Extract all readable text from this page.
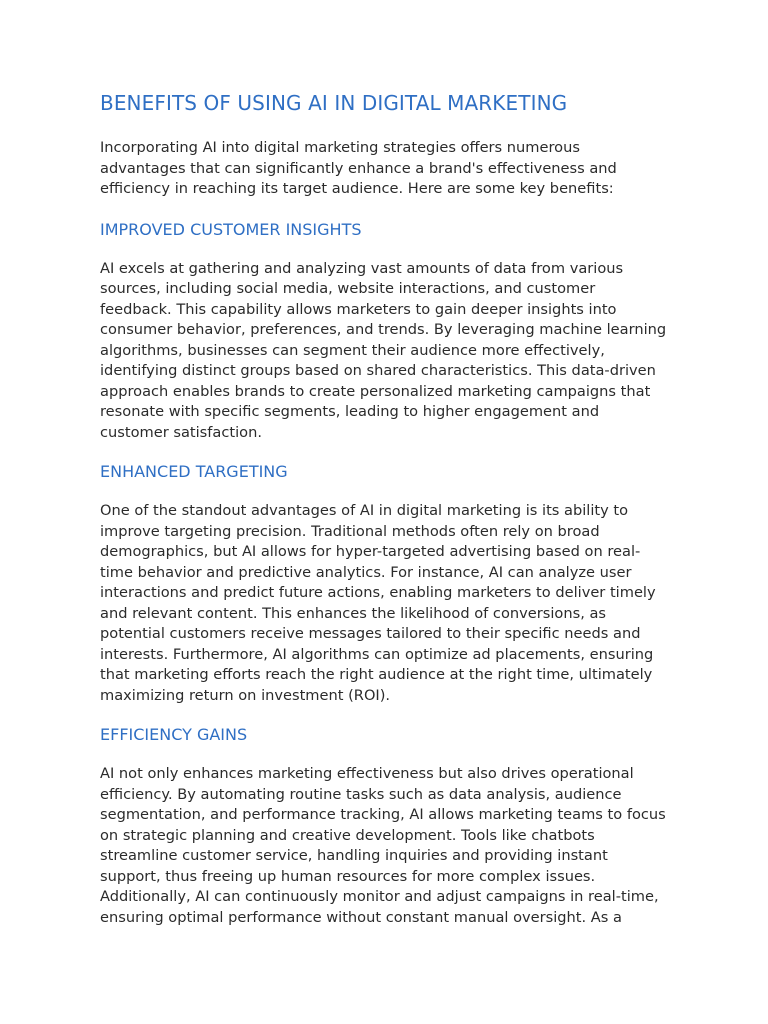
BENEFITS OF USING AI IN DIGITAL MARKETING

Incorporating AI into digital marketing strategies offers numerous advantages that can significantly enhance a brand's effectiveness and efficiency in reaching its target audience. Here are some key benefits:

IMPROVED CUSTOMER INSIGHTS

AI excels at gathering and analyzing vast amounts of data from various sources, including social media, website interactions, and customer feedback. This capability allows marketers to gain deeper insights into consumer behavior, preferences, and trends. By leveraging machine learning algorithms, businesses can segment their audience more effectively, identifying distinct groups based on shared characteristics. This data-driven approach enables brands to create personalized marketing campaigns that resonate with specific segments, leading to higher engagement and customer satisfaction.

ENHANCED TARGETING

One of the standout advantages of AI in digital marketing is its ability to improve targeting precision. Traditional methods often rely on broad demographics, but AI allows for hyper-targeted advertising based on real-time behavior and predictive analytics. For instance, AI can analyze user interactions and predict future actions, enabling marketers to deliver timely and relevant content. This enhances the likelihood of conversions, as potential customers receive messages tailored to their specific needs and interests. Furthermore, AI algorithms can optimize ad placements, ensuring that marketing efforts reach the right audience at the right time, ultimately maximizing return on investment (ROI).

EFFICIENCY GAINS

AI not only enhances marketing effectiveness but also drives operational efficiency. By automating routine tasks such as data analysis, audience segmentation, and performance tracking, AI allows marketing teams to focus on strategic planning and creative development. Tools like chatbots streamline customer service, handling inquiries and providing instant support, thus freeing up human resources for more complex issues. Additionally, AI can continuously monitor and adjust campaigns in real-time, ensuring optimal performance without constant manual oversight. As a
